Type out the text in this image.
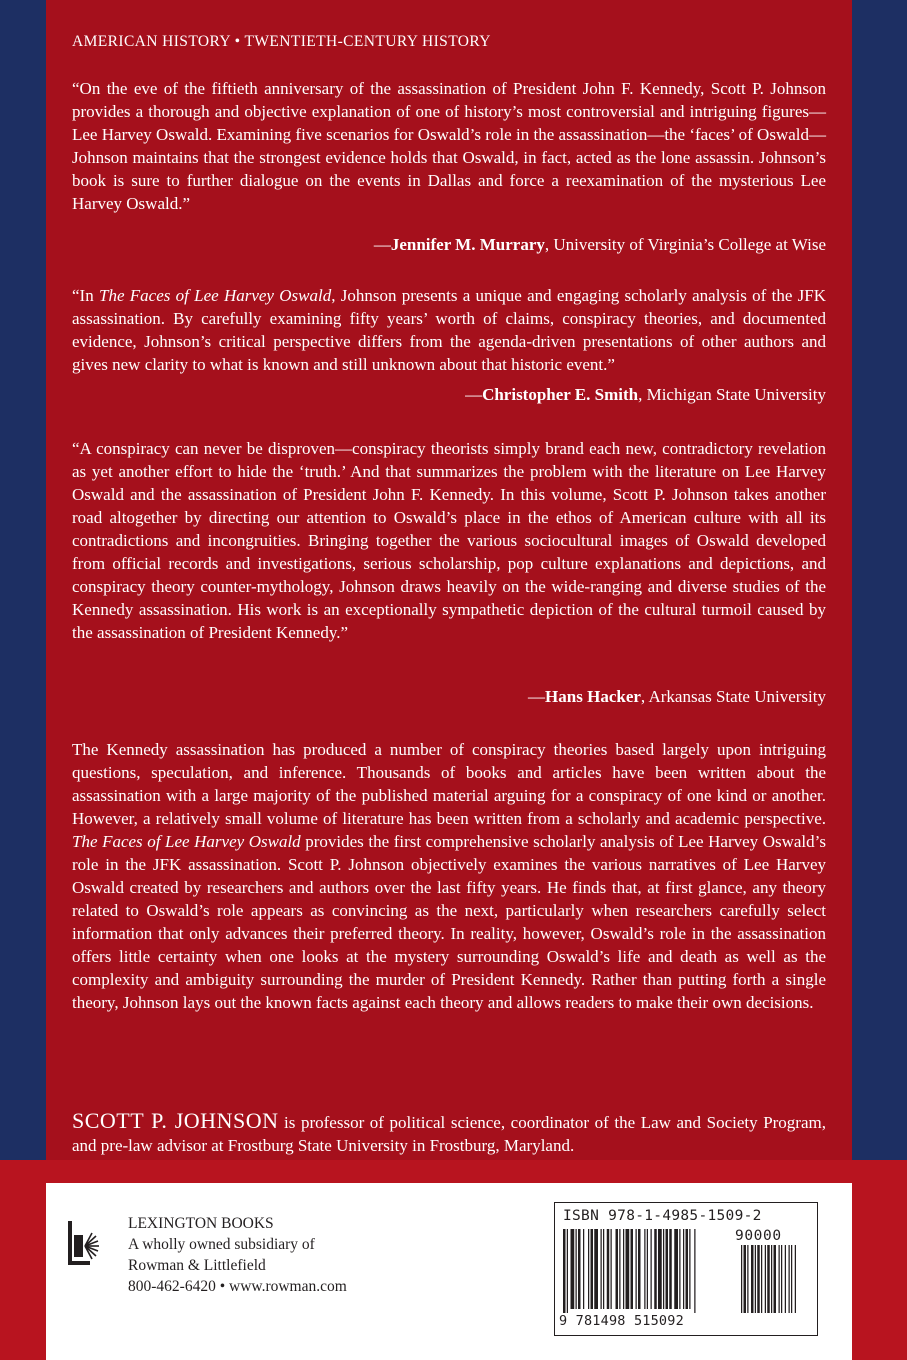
AMERICAN HISTORY • TWENTIETH-CENTURY HISTORY

“On the eve of the fiftieth anniversary of the assassination of President John F. Kennedy, Scott P. Johnson provides a thorough and objective explanation of one of history’s most controversial and intriguing figures—Lee Harvey Oswald. Examining five scenarios for Oswald’s role in the assassination—the ‘faces’ of Oswald—Johnson maintains that the strongest evidence holds that Oswald, in fact, acted as the lone assassin. Johnson’s book is sure to further dialogue on the events in Dallas and force a reexamination of the mysterious Lee Harvey Oswald.”

—Jennifer M. Murrary, University of Virginia’s College at Wise

“In The Faces of Lee Harvey Oswald, Johnson presents a unique and engaging scholarly analysis of the JFK assassination. By carefully examining fifty years’ worth of claims, conspiracy theories, and documented evidence, Johnson’s critical perspective differs from the agenda-driven presentations of other authors and gives new clarity to what is known and still unknown about that historic event.”

—Christopher E. Smith, Michigan State University

“A conspiracy can never be disproven—conspiracy theorists simply brand each new, contradictory revelation as yet another effort to hide the ‘truth.’ And that summarizes the problem with the literature on Lee Harvey Oswald and the assassination of President John F. Kennedy. In this volume, Scott P. Johnson takes another road altogether by directing our attention to Oswald’s place in the ethos of American culture with all its contradictions and incongruities. Bringing together the various sociocultural images of Oswald developed from official records and investigations, serious scholarship, pop culture explanations and depictions, and conspiracy theory counter-mythology, Johnson draws heavily on the wide-ranging and diverse studies of the Kennedy assassination. His work is an exceptionally sympathetic depiction of the cultural turmoil caused by the assassination of President Kennedy.”

—Hans Hacker, Arkansas State University

The Kennedy assassination has produced a number of conspiracy theories based largely upon intriguing questions, speculation, and inference. Thousands of books and articles have been written about the assassination with a large majority of the published material arguing for a conspiracy of one kind or another. However, a relatively small volume of literature has been written from a scholarly and academic perspective. The Faces of Lee Harvey Oswald provides the first comprehensive scholarly analysis of Lee Harvey Oswald’s role in the JFK assassination. Scott P. Johnson objectively examines the various narratives of Lee Harvey Oswald created by researchers and authors over the last fifty years. He finds that, at first glance, any theory related to Oswald’s role appears as convincing as the next, particularly when researchers carefully select information that only advances their preferred theory. In reality, however, Oswald’s role in the assassination offers little certainty when one looks at the mystery surrounding Oswald’s life and death as well as the complexity and ambiguity surrounding the murder of President Kennedy. Rather than putting forth a single theory, Johnson lays out the known facts against each theory and allows readers to make their own decisions.

SCOTT P. JOHNSON is professor of political science, coordinator of the Law and Society Program, and pre-law advisor at Frostburg State University in Frostburg, Maryland.

LEXINGTON BOOKS
A wholly owned subsidiary of
Rowman & Littlefield
800-462-6420 • www.rowman.com
ISBN 978-1-4985-1509-2
90000
9 781498 515092
